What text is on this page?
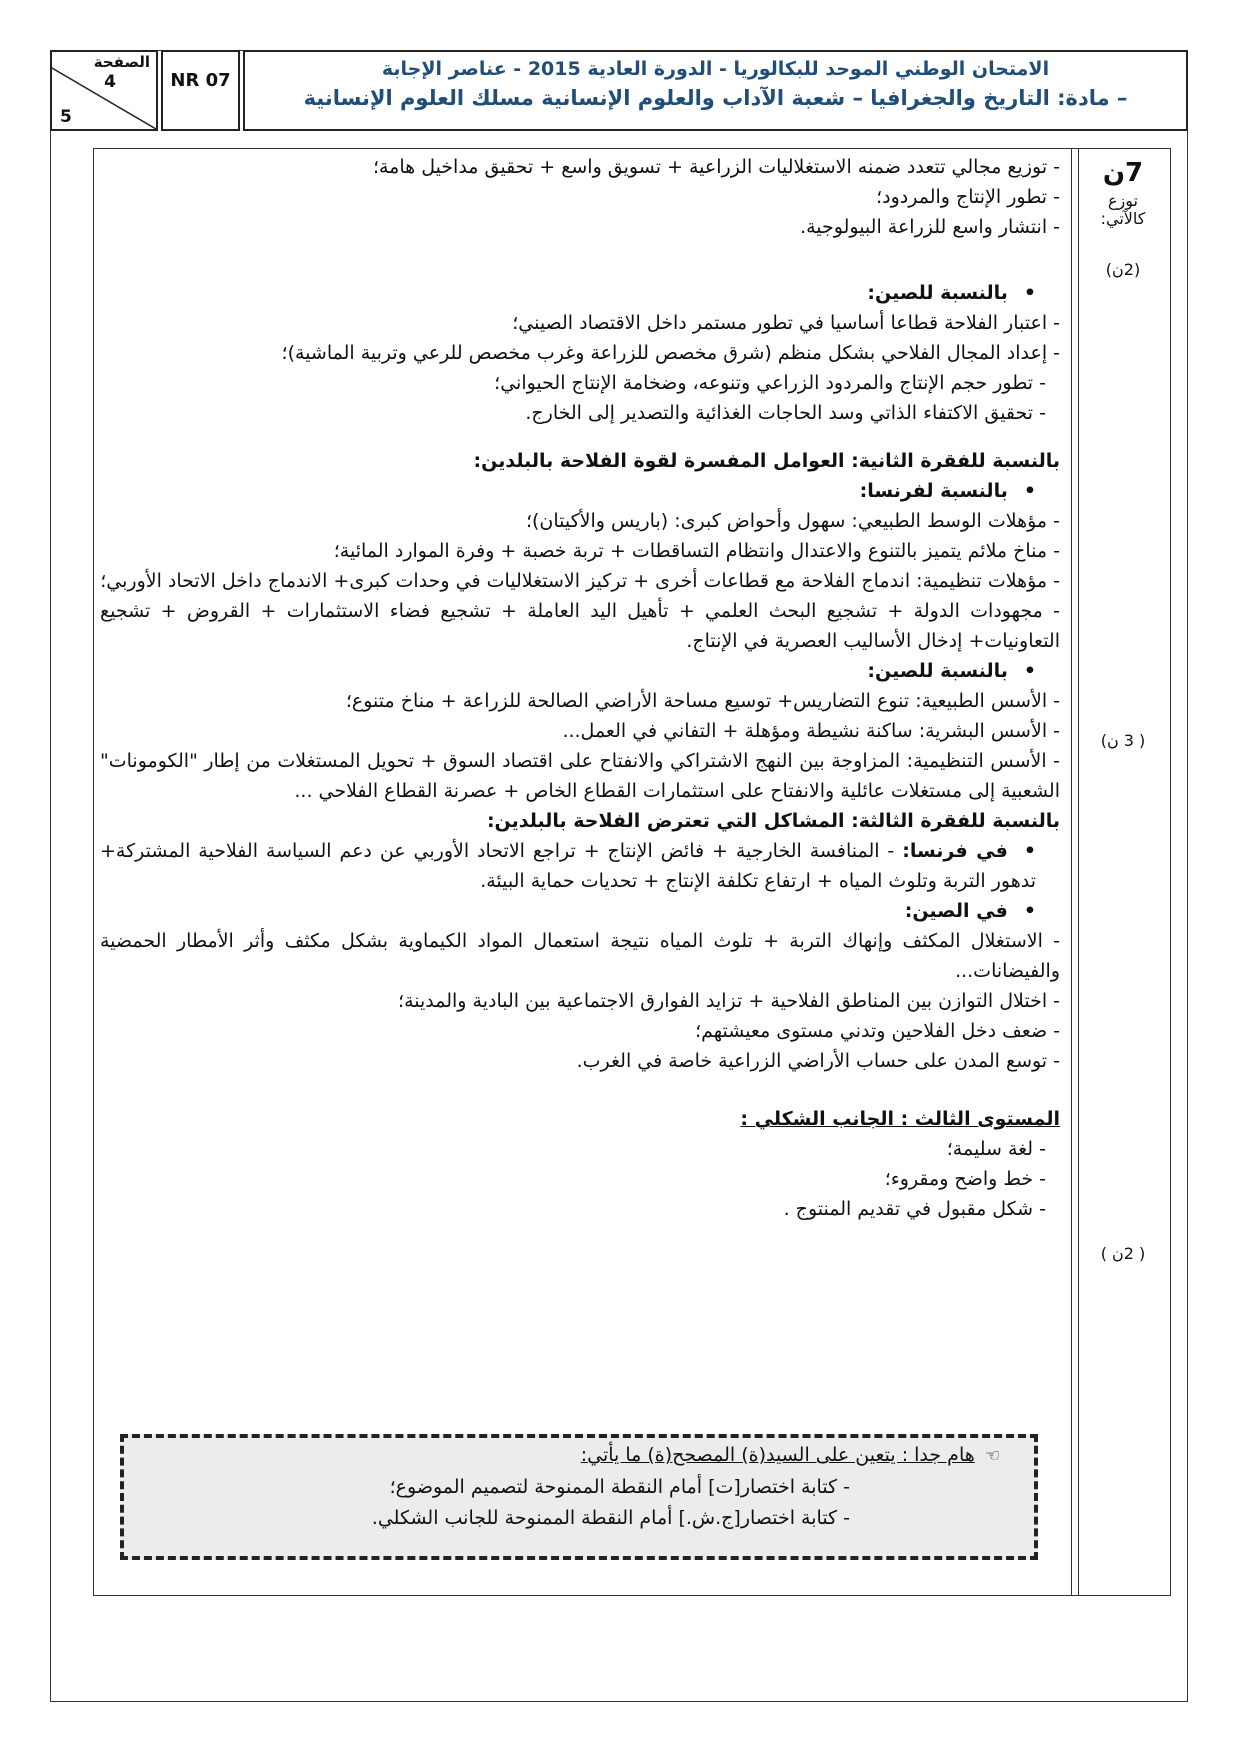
الامتحان الوطني الموحد للبكالوريا - الدورة العادية 2015 - عناصر الإجابة
– مادة: التاريخ والجغرافيا – شعبة الآداب والعلوم الإنسانية مسلك العلوم الإنسانية
NR 07
الصفحة
4
5
7ن
توزع كالآتي:
(2ن)
( 3 ن)
( 2ن )
- توزيع مجالي تتعدد ضمنه الاستغلاليات الزراعية + تسويق واسع + تحقيق مداخيل هامة؛
- تطور الإنتاج والمردود؛
- انتشار واسع للزراعة البيولوجية.
• بالنسبة للصين:
- اعتبار الفلاحة قطاعا أساسيا في تطور مستمر داخل الاقتصاد الصيني؛
- إعداد المجال الفلاحي بشكل منظم (شرق مخصص للزراعة وغرب مخصص للرعي وتربية الماشية)؛
- تطور حجم الإنتاج والمردود الزراعي وتنوعه، وضخامة الإنتاج الحيواني؛
- تحقيق الاكتفاء الذاتي وسد الحاجات الغذائية والتصدير إلى الخارج.
بالنسبة للفقرة الثانية: العوامل المفسرة لقوة الفلاحة بالبلدين:
• بالنسبة لفرنسا:
- مؤهلات الوسط الطبيعي: سهول وأحواض كبرى: (باريس والأكيتان)؛
- مناخ ملائم يتميز بالتنوع والاعتدال وانتظام التساقطات + تربة خصبة + وفرة الموارد المائية؛
- مؤهلات تنظيمية: اندماج الفلاحة مع قطاعات أخرى + تركيز الاستغلاليات في وحدات كبرى+ الاندماج داخل الاتحاد الأوربي؛
- مجهودات الدولة + تشجيع البحث العلمي + تأهيل اليد العاملة + تشجيع فضاء الاستثمارات + القروض + تشجيع التعاونيات+ إدخال الأساليب العصرية في الإنتاج.
• بالنسبة للصين:
- الأسس الطبيعية: تنوع التضاريس+ توسيع مساحة الأراضي الصالحة للزراعة + مناخ متنوع؛
- الأسس البشرية: ساكنة نشيطة ومؤهلة + التفاني في العمل...
- الأسس التنظيمية: المزاوجة بين النهج الاشتراكي والانفتاح على اقتصاد السوق + تحويل المستغلات من إطار "الكومونات" الشعبية إلى مستغلات عائلية والانفتاح على استثمارات القطاع الخاص + عصرنة القطاع الفلاحي ...
بالنسبة للفقرة الثالثة: المشاكل التي تعترض الفلاحة بالبلدين:
• في فرنسا: - المنافسة الخارجية + فائض الإنتاج + تراجع الاتحاد الأوربي عن دعم السياسة الفلاحية المشتركة+ تدهور التربة وتلوث المياه + ارتفاع تكلفة الإنتاج + تحديات حماية البيئة.
• في الصين:
- الاستغلال المكثف وإنهاك التربة + تلوث المياه نتيجة استعمال المواد الكيماوية بشكل مكثف وأثر الأمطار الحمضية والفيضانات...
- اختلال التوازن بين المناطق الفلاحية + تزايد الفوارق الاجتماعية بين البادية والمدينة؛
- ضعف دخل الفلاحين وتدني مستوى معيشتهم؛
- توسع المدن على حساب الأراضي الزراعية خاصة في الغرب.
المستوى الثالث : الجانب الشكلي :
- لغة سليمة؛
- خط واضح ومقروء؛
- شكل مقبول في تقديم المنتوج .
☜هام جدا : يتعين على السيد(ة) المصحح(ة) ما يأتي:
- كتابة اختصار[ت] أمام النقطة الممنوحة لتصميم الموضوع؛
- كتابة اختصار[ج.ش.] أمام النقطة الممنوحة للجانب الشكلي.
